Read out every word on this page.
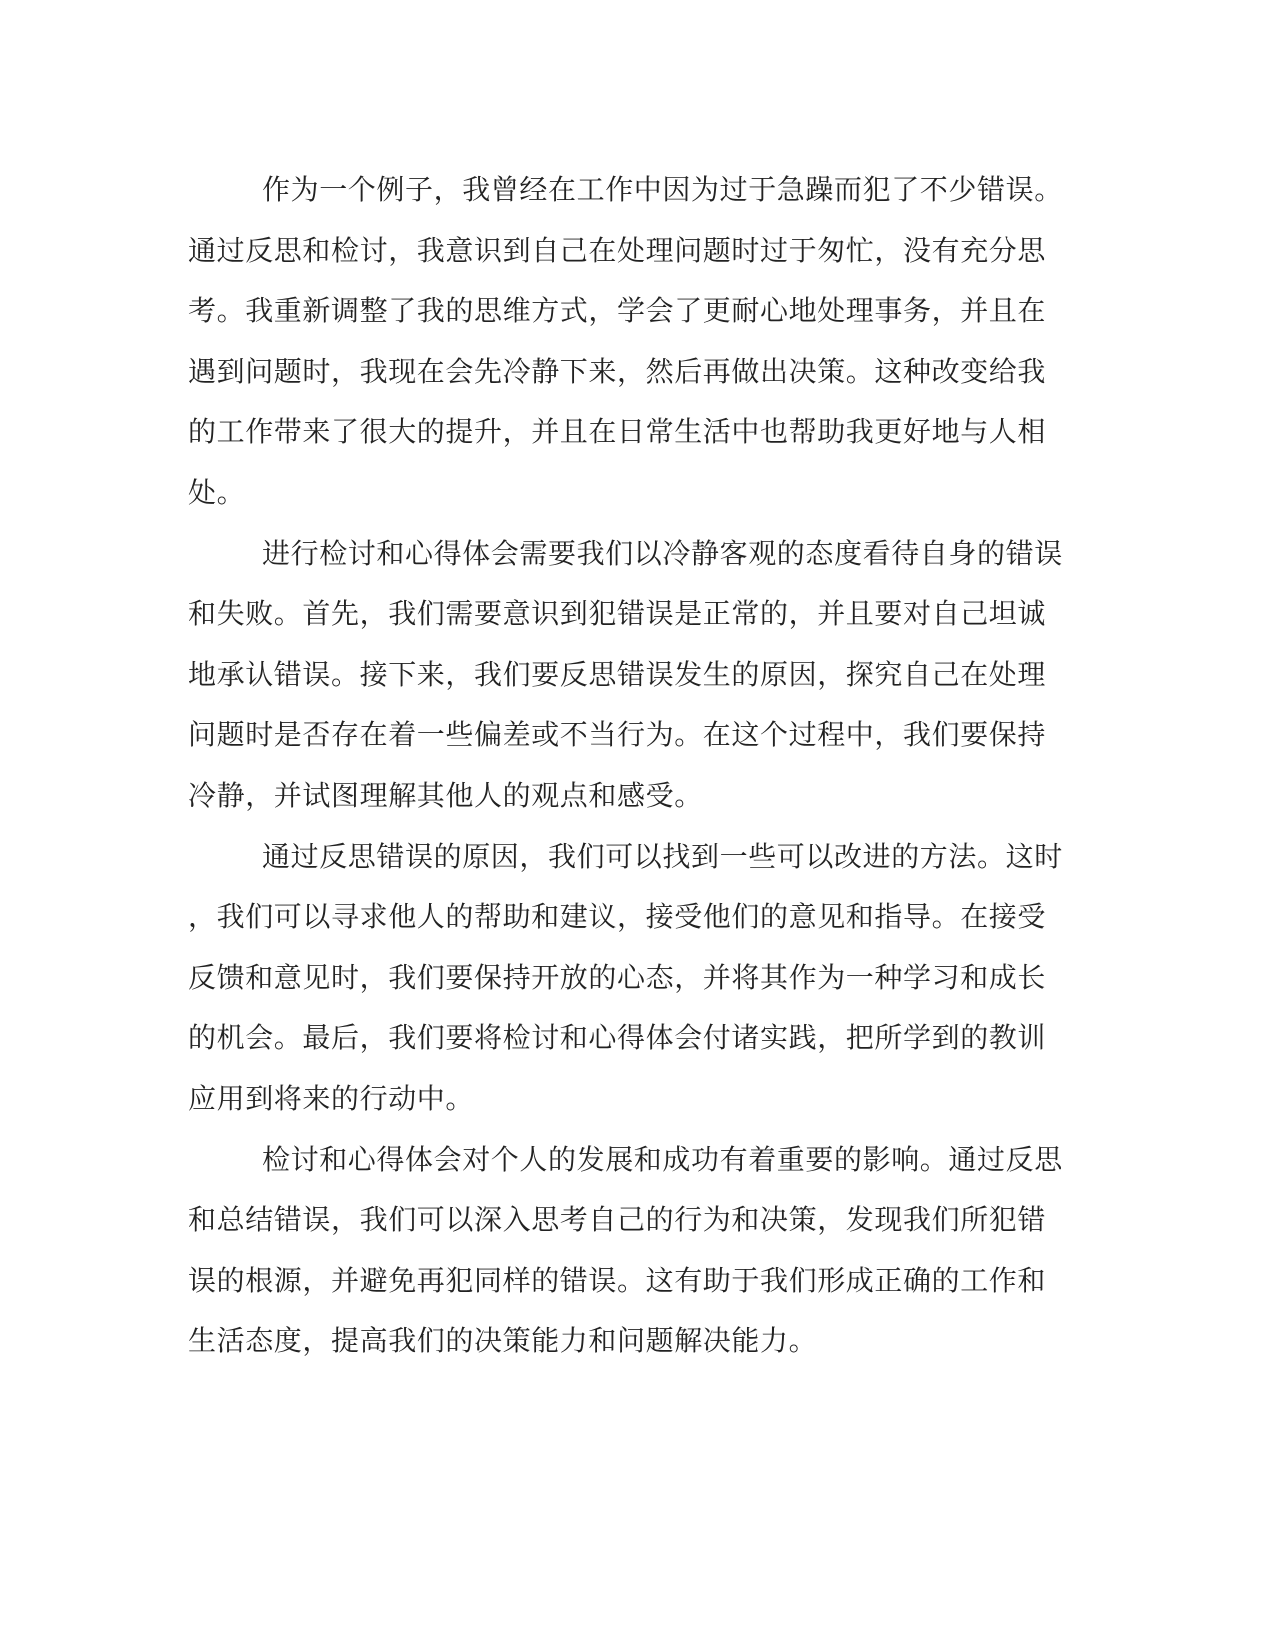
作为一个例子，我曾经在工作中因为过于急躁而犯了不少错误。
通过反思和检讨，我意识到自己在处理问题时过于匆忙，没有充分思
考。我重新调整了我的思维方式，学会了更耐心地处理事务，并且在
遇到问题时，我现在会先冷静下来，然后再做出决策。这种改变给我
的工作带来了很大的提升，并且在日常生活中也帮助我更好地与人相
处。

进行检讨和心得体会需要我们以冷静客观的态度看待自身的错误
和失败。首先，我们需要意识到犯错误是正常的，并且要对自己坦诚
地承认错误。接下来，我们要反思错误发生的原因，探究自己在处理
问题时是否存在着一些偏差或不当行为。在这个过程中，我们要保持
冷静，并试图理解其他人的观点和感受。

通过反思错误的原因，我们可以找到一些可以改进的方法。这时
，我们可以寻求他人的帮助和建议，接受他们的意见和指导。在接受
反馈和意见时，我们要保持开放的心态，并将其作为一种学习和成长
的机会。最后，我们要将检讨和心得体会付诸实践，把所学到的教训
应用到将来的行动中。

检讨和心得体会对个人的发展和成功有着重要的影响。通过反思
和总结错误，我们可以深入思考自己的行为和决策，发现我们所犯错
误的根源，并避免再犯同样的错误。这有助于我们形成正确的工作和
生活态度，提高我们的决策能力和问题解决能力。
